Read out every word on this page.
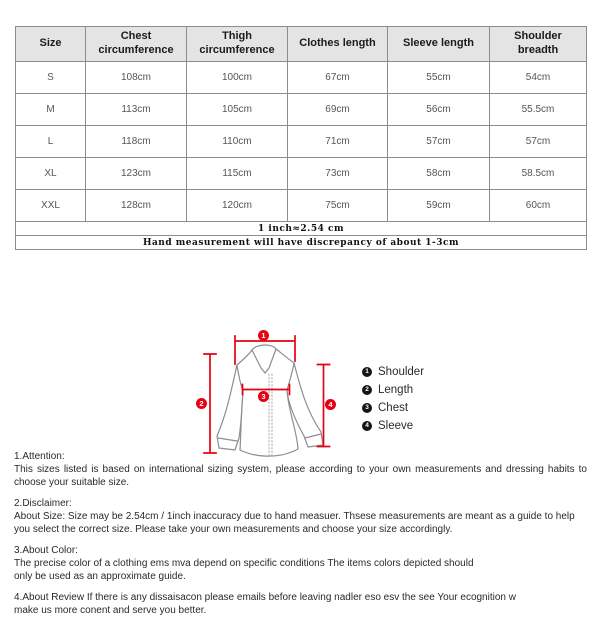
Size	Chest circumference	Thigh circumference	Clothes length	Sleeve length	Shoulder breadth
S	108cm	100cm	67cm	55cm	54cm
M	113cm	105cm	69cm	56cm	55.5cm
L	118cm	110cm	71cm	57cm	57cm
XL	123cm	115cm	73cm	58cm	58.5cm
XXL	128cm	120cm	75cm	59cm	60cm
1 inch≈2.54 cm					
Hand measurement will have discrepancy of about 1-3cm					
1
2
3
4
1 Shoulder
2 Length
3 Chest
4 Sleeve

1.Attention:

This sizes listed is based on international sizing system, please according to your own measurements and dressing habits to choose your suitable size.

2.Disclaimer:

About Size: Size may be 2.54cm / 1inch inaccuracy due to hand measuer. Thsese measurements are meant as a guide to help you select the correct size. Please take your own measurements and choose your size accordingly.

3.About Color:

The precise color of a clothing ems mva depend on specific conditions The items colors depicted should only be used as an approximate guide.

4.About Review If there is any dissaisacon please emails before leaving nadler eso esv the see Your ecognition w make us more conent and serve you better.
